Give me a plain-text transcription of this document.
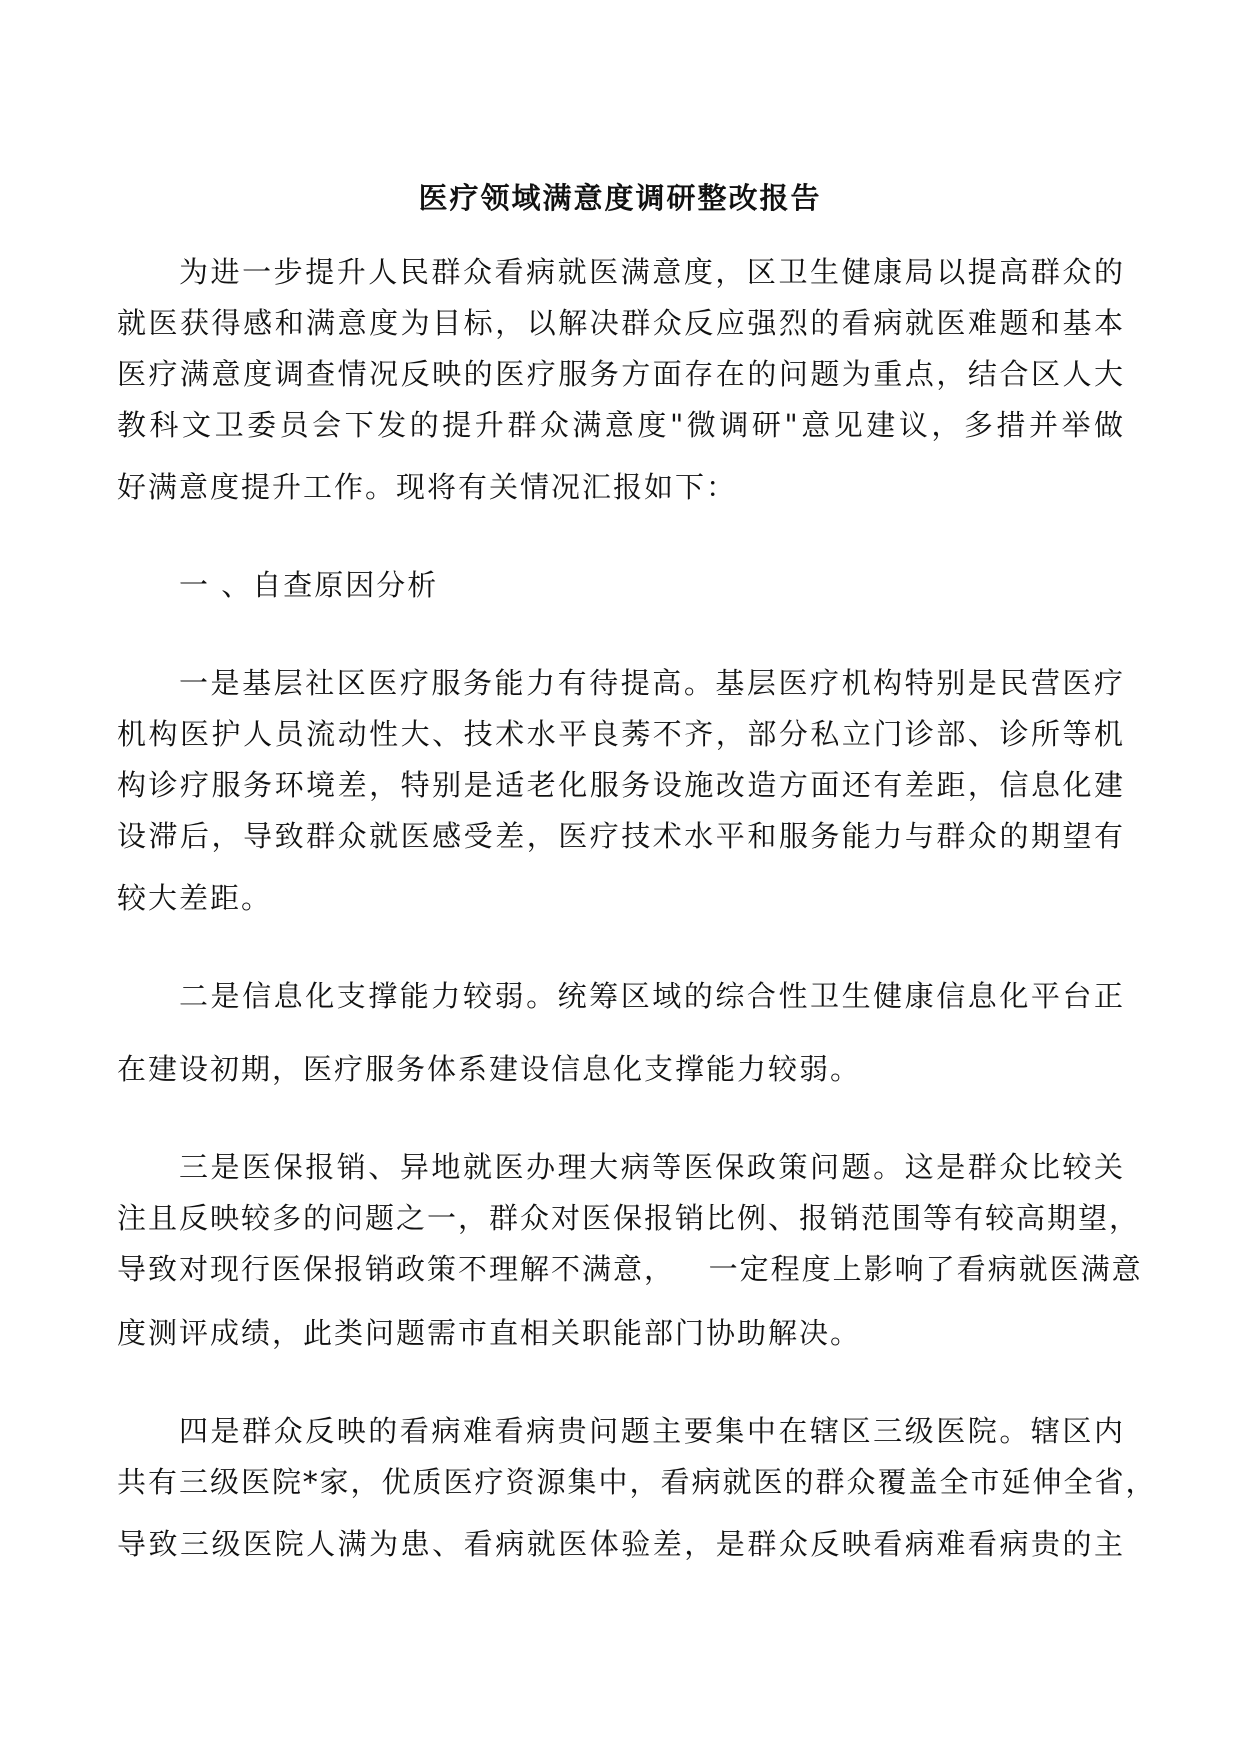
医疗领域满意度调研整改报告
为进一步提升人民群众看病就医满意度，区卫生健康局以提高群众的
就医获得感和满意度为目标，以解决群众反应强烈的看病就医难题和基本
医疗满意度调查情况反映的医疗服务方面存在的问题为重点，结合区人大
教科文卫委员会下发的提升群众满意度"微调研"意见建议，多措并举做
好满意度提升工作。现将有关情况汇报如下：
一 、自查原因分析
一是基层社区医疗服务能力有待提高。基层医疗机构特别是民营医疗
机构医护人员流动性大、技术水平良莠不齐，部分私立门诊部、诊所等机
构诊疗服务环境差，特别是适老化服务设施改造方面还有差距，信息化建
设滞后，导致群众就医感受差，医疗技术水平和服务能力与群众的期望有
较大差距。
二是信息化支撑能力较弱。统筹区域的综合性卫生健康信息化平台正
在建设初期，医疗服务体系建设信息化支撑能力较弱。
三是医保报销、异地就医办理大病等医保政策问题。这是群众比较关
注且反映较多的问题之一，群众对医保报销比例、报销范围等有较高期望，
导致对现行医保报销政策不理解不满意，   一定程度上影响了看病就医满意
度测评成绩，此类问题需市直相关职能部门协助解决。
四是群众反映的看病难看病贵问题主要集中在辖区三级医院。辖区内
共有三级医院*家，优质医疗资源集中，看病就医的群众覆盖全市延伸全省，
导致三级医院人满为患、看病就医体验差，是群众反映看病难看病贵的主
